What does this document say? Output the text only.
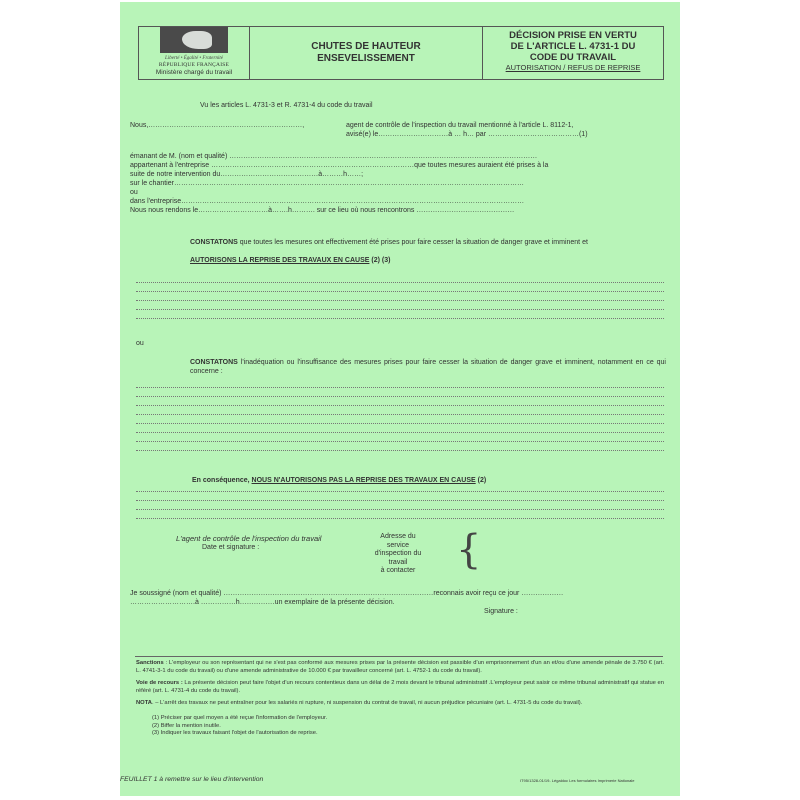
Liberté • Égalité • Fraternité
RÉPUBLIQUE FRANÇAISE
Ministère chargé du travail
CHUTES DE HAUTEUR
ENSEVELISSEMENT
DÉCISION PRISE EN VERTU
DE L'ARTICLE L. 4731-1 DU
CODE DU TRAVAIL
AUTORISATION / REFUS DE REPRISE
Vu les articles L. 4731-3 et R. 4731-4 du code du travail
Nous,…………………………………………………………,	agent de contrôle de l'inspection du travail mentionné à l'article L. 8112-1,
avisé(e) le…………………………à … h… par …………………………………(1)
émanant de M. (nom et qualité) ……………………………………………………………………………………………………………………
appartenant à l'entreprise ……………………………………………………………………………que toutes mesures auraient été prises à la
suite de notre intervention du……………………………………à………h……;
sur le chantier……………………………………………………………………………………………………………………………………
ou
dans l'entreprise…………………………………………………………………………………………………………………………………
Nous nous rendons le…………………………à…….h………. sur ce lieu où nous rencontrons ……………………………………
CONSTATONS que toutes les mesures ont effectivement été prises pour faire cesser la situation de danger grave et imminent et
AUTORISONS LA REPRISE DES TRAVAUX EN CAUSE (2) (3)
ou
CONSTATONS l'inadéquation ou l'insuffisance des mesures prises pour faire cesser la situation de danger grave et imminent, notamment en ce qui concerne :
En conséquence, NOUS N'AUTORISONS PAS LA REPRISE DES TRAVAUX EN CAUSE (2)
L'agent de contrôle de l'inspection du travail
Date et signature :
Adresse du
service
d'inspection du
travail
à contacter	{
Je soussigné (nom et qualité) ………………………………………………………………………………reconnais avoir reçu ce jour ………………
……………………….à ……………h……………un exemplaire de la présente décision.
Signature :
Sanctions : L'employeur ou son représentant qui ne s'est pas conformé aux mesures prises par la présente décision est passible d'un emprisonnement d'un an et/ou d'une amende pénale de 3.750 € (art. L. 4741-3-1 du code du travail) ou d'une amende administrative de 10.000 € par travailleur concerné (art. L. 4752-1 du code du travail).
Voie de recours : La présente décision peut faire l'objet d'un recours contentieux dans un délai de 2 mois devant le tribunal administratif .L'employeur peut saisir ce même tribunal administratif qui statue en référé (art. L. 4731-4 du code du travail).
NOTA. – L'arrêt des travaux ne peut entraîner pour les salariés ni rupture, ni suspension du contrat de travail, ni aucun préjudice pécuniaire (art. L. 4731-5 du code du travail).
(1) Préciser par quel moyen a été reçue l'information de l'employeur.
(2) Biffer la mention inutile.
(3) Indiquer les travaux faisant l'objet de l'autorisation de reprise.
FEUILLET 1 à remettre sur le lieu d'intervention	IT95/1328-01/19- Légaldoc Les formulaires Imprimerie Nationale
